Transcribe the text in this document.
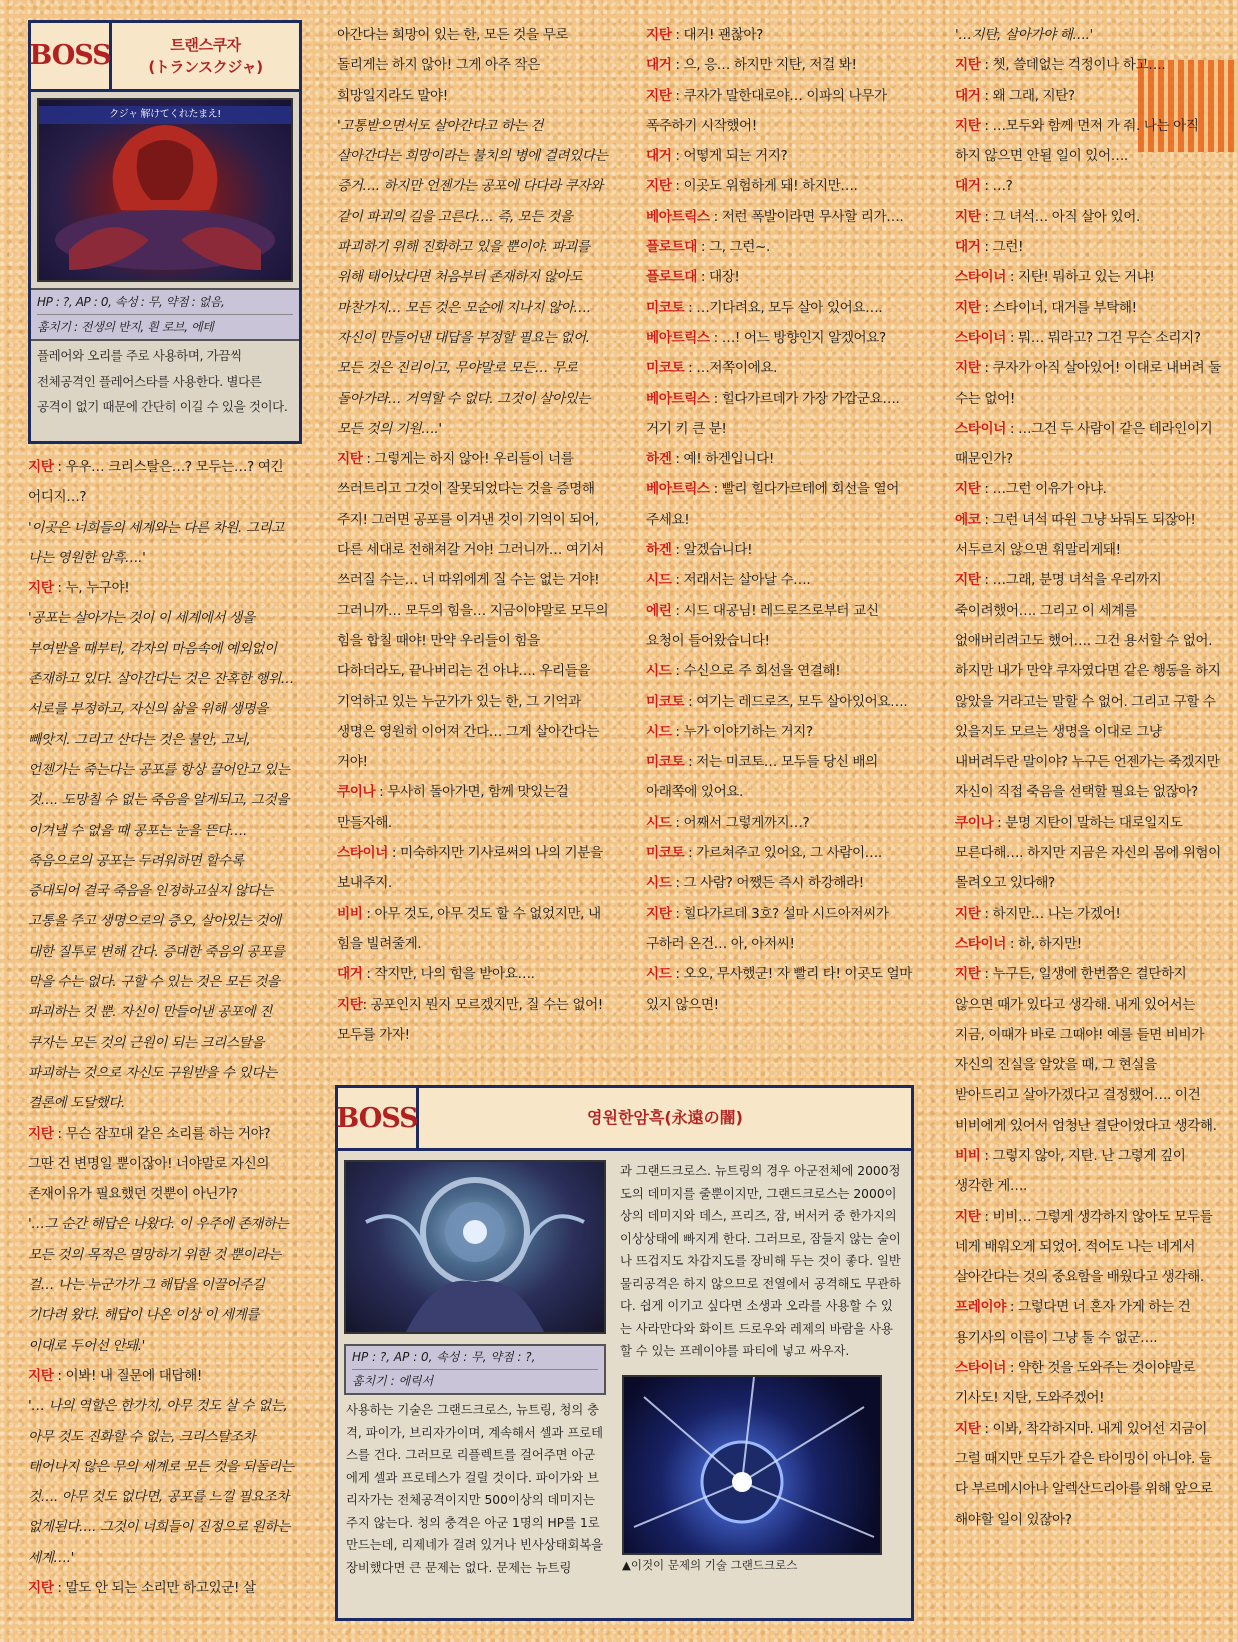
BOSS	트랜스쿠자
(トランスクジャ)
クジャ 解けてくれたまえ!
HP : ?, AP : 0, 속성 : 무, 약점 : 없음,
훔치기 : 전생의 반지, 흰 로브, 에테
플레어와 오리를 주로 사용하며, 가끔씩 전체공격인 플레어스타를 사용한다. 별다른 공격이 없기 때문에 간단히 이길 수 있을 것이다.

지탄 : 우우… 크리스탈은…? 모두는…? 여긴 어디지…?

'이곳은 너희들의 세계와는 다른 차원. 그리고 나는 영원한 암흑….'

지탄 : 누, 누구야!

'공포는 살아가는 것이 이 세계에서 생을 부여받을 때부터, 각자의 마음속에 예외없이 존재하고 있다. 살아간다는 것은 잔혹한 행위… 서로를 부정하고, 자신의 삶을 위해 생명을 빼앗지. 그리고 산다는 것은 불안, 고뇌, 언젠가는 죽는다는 공포를 항상 끌어안고 있는 것…. 도망칠 수 없는 죽음을 알게되고, 그것을 이겨낼 수 없을 때 공포는 눈을 뜬다…. 죽음으로의 공포는 두려워하면 할수록 증대되어 결국 죽음을 인정하고싶지 않다는 고통을 주고 생명으로의 증오, 살아있는 것에 대한 질투로 변해 간다. 증대한 죽음의 공포를 막을 수는 없다. 구할 수 있는 것은 모든 것을 파괴하는 것 뿐. 자신이 만들어낸 공포에 진 쿠자는 모든 것의 근원이 되는 크리스탈을 파괴하는 것으로 자신도 구원받을 수 있다는 결론에 도달했다.

지탄 : 무슨 잠꼬대 같은 소리를 하는 거야? 그딴 건 변명일 뿐이잖아! 너야말로 자신의 존재이유가 필요했던 것뿐이 아닌가?

'…그 순간 해답은 나왔다. 이 우주에 존재하는 모든 것의 목적은 멸망하기 위한 것 뿐이라는 걸… 나는 누군가가 그 해답을 이끌어주길 기다려 왔다. 해답이 나온 이상 이 세계를 이대로 두어선 안돼.'

지탄 : 이봐! 내 질문에 대답해!

'… 나의 역할은 한가지, 아무 것도 살 수 없는, 아무 것도 진화할 수 없는, 크리스탈조차 태어나지 않은 무의 세계로 모든 것을 되돌리는 것…. 아무 것도 없다면, 공포를 느낄 필요조차 없게된다…. 그것이 너희들이 진정으로 원하는 세계….'

지탄 : 말도 안 되는 소리만 하고있군! 살

아간다는 희망이 있는 한, 모든 것을 무로 돌리게는 하지 않아! 그게 아주 작은 희망일지라도 말야!

'고통받으면서도 살아간다고 하는 건 살아간다는 희망이라는 불치의 병에 걸려있다는 증거…. 하지만 언젠가는 공포에 다다라 쿠자와 같이 파괴의 길을 고른다…. 즉, 모든 것을 파괴하기 위해 진화하고 있을 뿐이야. 파괴를 위해 태어났다면 처음부터 존재하지 않아도 마찬가지… 모든 것은 모순에 지나지 않아…. 자신이 만들어낸 대답을 부정할 필요는 없어. 모든 것은 진리이고, 무야말로 모든… 무로 돌아가라… 거역할 수 없다. 그것이 살아있는 모든 것의 기원….'

지탄 : 그렇게는 하지 않아! 우리들이 너를 쓰러트리고 그것이 잘못되었다는 것을 증명해 주지! 그러면 공포를 이겨낸 것이 기억이 되어, 다른 세대로 전해져갈 거야! 그러니까… 여기서 쓰러질 수는… 너 따위에게 질 수는 없는 거야! 그러니까… 모두의 힘을… 지금이야말로 모두의 힘을 합칠 때야! 만약 우리들이 힘을 다하더라도, 끝나버리는 건 아냐…. 우리들을 기억하고 있는 누군가가 있는 한, 그 기억과 생명은 영원히 이어져 간다… 그게 살아간다는 거야!

쿠이나 : 무사히 돌아가면, 함께 맛있는걸 만들자해.

스타이너 : 미숙하지만 기사로써의 나의 기분을 보내주지.

비비 : 아무 것도, 아무 것도 할 수 없었지만, 내 힘을 빌려줄게.

대거 : 작지만, 나의 힘을 받아요….

지탄: 공포인지 뭔지 모르겠지만, 질 수는 없어! 모두를 가자!

지탄 : 대거! 괜찮아?

대거 : 으, 응… 하지만 지탄, 저걸 봐!

지탄 : 쿠자가 말한대로야… 이파의 나무가 폭주하기 시작했어!

대거 : 어떻게 되는 거지?

지탄 : 이곳도 위험하게 돼! 하지만….

베아트릭스 : 저런 폭발이라면 무사할 리가….

플로트대 : 그, 그런~.

플로트대 : 대장!

미코토 : …기다려요, 모두 살아 있어요….

베아트릭스 : …! 어느 방향인지 알겠어요?

미코토 : …저쪽이에요.

베아트릭스 : 힐다가르데가 가장 가깝군요…. 거기 키 큰 분!

하겐 : 예! 하겐입니다!

베아트릭스 : 빨리 힐다가르테에 회선을 열어 주세요!

하겐 : 알겠습니다!

시드 : 저래서는 살아날 수….

에린 : 시드 대공님! 레드로즈로부터 교신 요청이 들어왔습니다!

시드 : 수신으로 주 회선을 연결해!

미코토 : 여기는 레드로즈, 모두 살아있어요….

시드 : 누가 이야기하는 거지?

미코토 : 저는 미코토… 모두들 당신 배의 아래쪽에 있어요.

시드 : 어째서 그렇게까지…?

미코토 : 가르쳐주고 있어요, 그 사람이….

시드 : 그 사람? 어쨌든 즉시 하강해라!

지탄 : 힐다가르데 3호? 설마 시드아저씨가 구하러 온건… 아, 아저씨!

시드 : 오오, 무사했군! 자 빨리 타! 이곳도 얼마 있지 않으면!

'…지탄, 살아가야 해….'

지탄 : 쳇, 쓸데없는 걱정이나 하고….

대거 : 왜 그래, 지탄?

지탄 : …모두와 함께 먼저 가 줘. 나는 아직 하지 않으면 안될 일이 있어….

대거 : …?

지탄 : 그 녀석… 아직 살아 있어.

대거 : 그런!

스타이너 : 지탄! 뭐하고 있는 거냐!

지탄 : 스타이너, 대거를 부탁해!

스타이너 : 뭐… 뭐라고? 그건 무슨 소리지?

지탄 : 쿠자가 아직 살아있어! 이대로 내버려 둘 수는 없어!

스타이너 : …그건 두 사람이 같은 테라인이기 때문인가?

지탄 : …그런 이유가 아냐.

에코 : 그런 녀석 따윈 그냥 놔둬도 되잖아! 서두르지 않으면 휘말리게돼!

지탄 : …그래, 분명 녀석을 우리까지 죽이려했어…. 그리고 이 세계를 없애버리려고도 했어…. 그건 용서할 수 없어. 하지만 내가 만약 쿠자였다면 같은 행동을 하지 않았을 거라고는 말할 수 없어. 그리고 구할 수 있을지도 모르는 생명을 이대로 그냥 내버려두란 말이야? 누구든 언젠가는 죽겠지만 자신이 직접 죽음을 선택할 필요는 없잖아?

쿠이나 : 분명 지탄이 말하는 대로일지도 모른다해…. 하지만 지금은 자신의 몸에 위험이 몰려오고 있다해?

지탄 : 하지만… 나는 가겠어!

스타이너 : 하, 하지만!

지탄 : 누구든, 일생에 한번쯤은 결단하지 않으면 때가 있다고 생각해. 내게 있어서는 지금, 이때가 바로 그때야! 예를 들면 비비가 자신의 진실을 알았을 때, 그 현실을 받아드리고 살아가겠다고 결정했어…. 이건 비비에게 있어서 엄청난 결단이었다고 생각해.

비비 : 그렇지 않아, 지탄. 난 그렇게 깊이 생각한 게….

지탄 : 비비… 그렇게 생각하지 않아도 모두들 네게 배워오게 되었어. 적어도 나는 네게서 살아간다는 것의 중요함을 배웠다고 생각해.

프레이야 : 그렇다면 너 혼자 가게 하는 건 용기사의 이름이 그냥 둘 수 없군….

스타이너 : 약한 것을 도와주는 것이야말로 기사도! 지탄, 도와주겠어!

지탄 : 이봐, 착각하지마. 내게 있어선 지금이 그럴 때지만 모두가 같은 타이밍이 아니야. 둘 다 부르메시아나 알렉산드리아를 위해 앞으로 해야할 일이 있잖아?

BOSS	영원한암흑(永遠の闇)
HP : ?, AP : 0, 속성 : 무, 약점 : ?,
훔치기 : 에릭서
사용하는 기술은 그랜드크로스, 뉴트링, 청의 충격, 파이가, 브리자가이며, 계속해서 셀과 프로테스를 건다. 그러므로 리플렉트를 걸어주면 아군에게 셀과 프로테스가 걸릴 것이다. 파이가와 브리자가는 전체공격이지만 500이상의 데미지는 주지 않는다. 청의 충격은 아군 1명의 HP를 1로 만드는데, 리제네가 걸려 있거나 빈사상태회복을 장비했다면 큰 문제는 없다. 문제는 뉴트링
과 그랜드크로스. 뉴트링의 경우 아군전체에 2000정도의 데미지를 줄뿐이지만, 그랜드크로스는 2000이상의 데미지와 데스, 프리즈, 잠, 버서커 중 한가지의 이상상태에 빠지게 한다. 그러므로, 잠들지 않는 술이나 뜨겁지도 차갑지도를 장비해 두는 것이 좋다. 일반물리공격은 하지 않으므로 전열에서 공격해도 무관하다. 쉽게 이기고 싶다면 소생과 오라를 사용할 수 있는 사라만다와 화이트 드로우와 레제의 바람을 사용할 수 있는 프레이야를 파티에 넣고 싸우자.
▲이것이 문제의 기술 그랜드크로스
